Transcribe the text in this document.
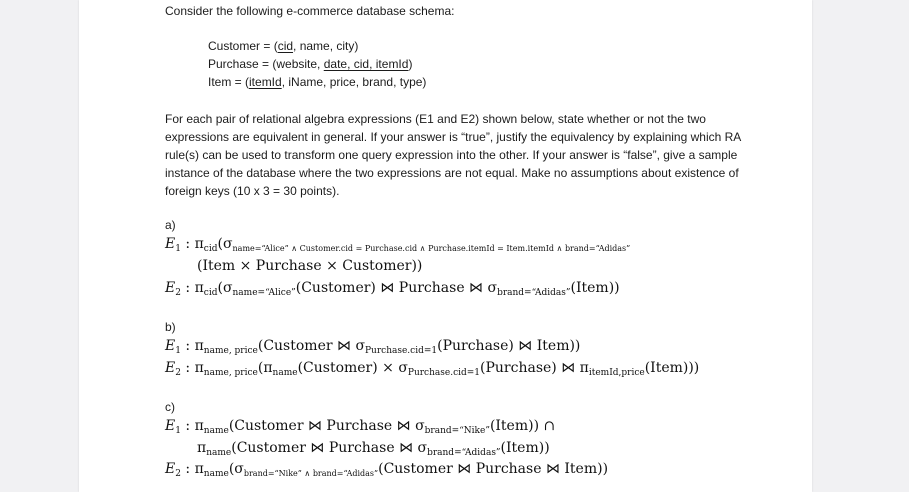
Consider the following e-commerce database schema:
Customer = (cid, name, city)
Purchase = (website, date, cid, itemId)
Item = (itemId, iName, price, brand, type)
For each pair of relational algebra expressions (E1 and E2) shown below, state whether or not the two expressions are equivalent in general. If your answer is “true”, justify the equivalency by explaining which RA rule(s) can be used to transform one query expression into the other. If your answer is “false”, give a sample instance of the database where the two expressions are not equal. Make no assumptions about existence of foreign keys (10 x 3 = 30 points).
a)
$E_1$ : $\pi_{cid}(\sigma_{name=“Alice” \wedge Customer.cid = Purchase.cid \wedge Purchase.itemId = Item.itemId \wedge brand=“Adidas”}$
(Item × Purchase × Customer))
$E_2$ : $\pi_{cid}(\sigma_{name=“Alice”}(Customer)$ ⋈ Purchase ⋈ $\sigma_{brand=“Adidas”}(Item)$)
b)
$E_1$ : $\pi_{name, price}(Customer$ ⋈ $\sigma_{Purchase.cid=1}(Purchase)$ ⋈ Item))
$E_2$ : $\pi_{name, price}(\pi_{name}(Customer)$ × $\sigma_{Purchase.cid=1}(Purchase)$ ⋈ $\pi_{itemId,price}(Item)$))
c)
$E_1$ : $\pi_{name}(Customer$ ⋈ Purchase ⋈ $\sigma_{brand=“Nike”}(Item)$) ∩
$\pi_{name}(Customer$ ⋈ Purchase ⋈ $\sigma_{brand=“Adidas”}(Item)$)
$E_2$ : $\pi_{name}(\sigma_{brand=“Nike” \wedge brand=“Adidas”}(Customer$ ⋈ Purchase ⋈ Item))
